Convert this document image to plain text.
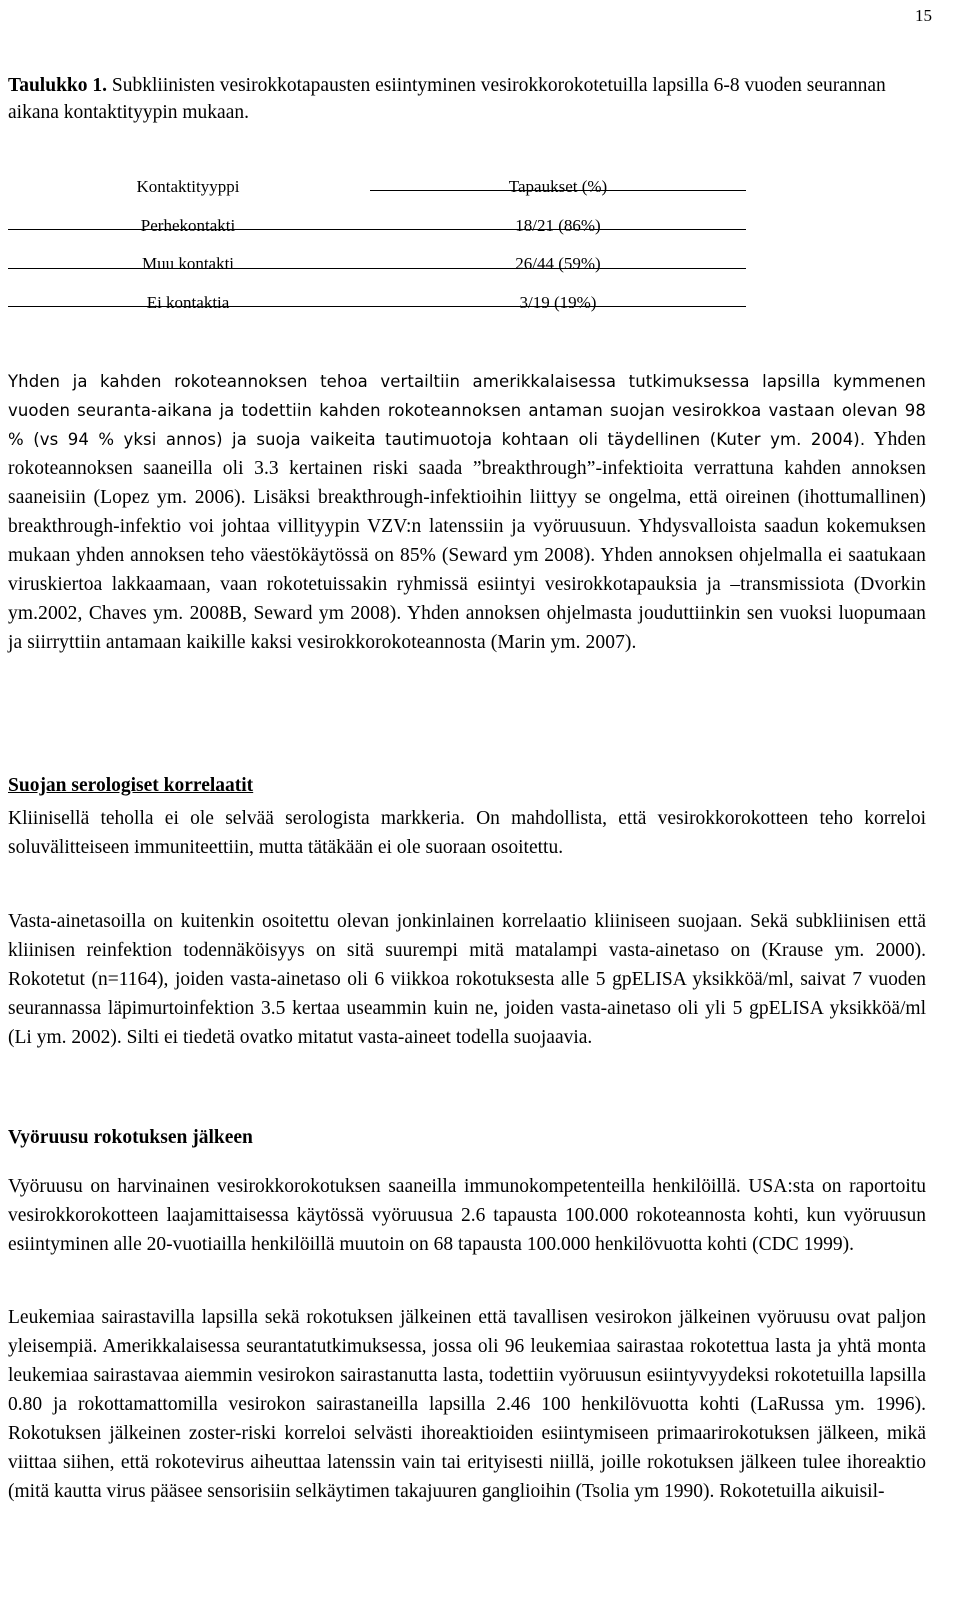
15

Taulukko 1. Subkliinisten vesirokkotapausten esiintyminen vesirokkorokotetuilla lapsilla 6-8 vuoden seurannan aikana kontaktityypin mukaan.

Kontaktityyppi	Tapaukset (%)
Perhekontakti	18/21 (86%)
Muu kontakti	26/44 (59%)
Ei kontaktia	3/19 (19%)

Yhden ja kahden rokoteannoksen tehoa vertailtiin amerikkalaisessa tutkimuksessa lapsilla kymmenen vuoden seuranta-aikana ja todettiin kahden rokoteannoksen antaman suojan vesirokkoa vastaan olevan 98 % (vs 94 % yksi annos) ja suoja vaikeita tautimuotoja kohtaan oli täydellinen (Kuter ym. 2004). Yhden rokoteannoksen saaneilla oli 3.3 kertainen riski saada ”breakthrough”-infektioita verrattuna kahden annoksen saaneisiin (Lopez ym. 2006). Lisäksi breakthrough-infektioihin liittyy se ongelma, että oireinen (ihottumallinen) breakthrough-infektio voi johtaa villityypin VZV:n latenssiin ja vyöruusuun. Yhdysvalloista saadun kokemuksen mukaan yhden annoksen teho väestökäytössä on 85% (Seward ym 2008). Yhden annoksen ohjelmalla ei saatukaan viruskiertoa lakkaamaan, vaan rokotetuissakin ryhmissä esiintyi vesirokkotapauksia ja –transmissiota (Dvorkin ym.2002, Chaves ym. 2008B, Seward ym 2008). Yhden annoksen ohjelmasta jouduttiinkin sen vuoksi luopumaan ja siirryttiin antamaan kaikille kaksi vesirokkorokoteannosta (Marin ym. 2007).

Suojan serologiset korrelaatit

Kliinisellä teholla ei ole selvää serologista markkeria. On mahdollista, että vesirokkorokotteen teho korreloi soluvälitteiseen immuniteettiin, mutta tätäkään ei ole suoraan osoitettu.

Vasta-ainetasoilla on kuitenkin osoitettu olevan jonkinlainen korrelaatio kliiniseen suojaan. Sekä subkliinisen että kliinisen reinfektion todennäköisyys on sitä suurempi mitä matalampi vasta-ainetaso on (Krause ym. 2000). Rokotetut (n=1164), joiden vasta-ainetaso oli 6 viikkoa rokotuksesta alle 5 gpELISA yksikköä/ml, saivat 7 vuoden seurannassa läpimurtoinfektion 3.5 kertaa useammin kuin ne, joiden vasta-ainetaso oli yli 5 gpELISA yksikköä/ml (Li ym. 2002). Silti ei tiedetä ovatko mitatut vasta-aineet todella suojaavia.

Vyöruusu rokotuksen jälkeen

Vyöruusu on harvinainen vesirokkorokotuksen saaneilla immunokompetenteilla henkilöillä. USA:sta on raportoitu vesirokkorokotteen laajamittaisessa käytössä vyöruusua 2.6 tapausta 100.000 rokoteannosta kohti, kun vyöruusun esiintyminen alle 20-vuotiailla henkilöillä muutoin on 68 tapausta 100.000 henkilövuotta kohti (CDC 1999).

Leukemiaa sairastavilla lapsilla sekä rokotuksen jälkeinen että tavallisen vesirokon jälkeinen vyöruusu ovat paljon yleisempiä. Amerikkalaisessa seurantatutkimuksessa, jossa oli 96 leukemiaa sairastaa rokotettua lasta ja yhtä monta leukemiaa sairastavaa aiemmin vesirokon sairastanutta lasta, todettiin vyöruusun esiintyvyydeksi rokotetuilla lapsilla 0.80 ja rokottamattomilla vesirokon sairastaneilla lapsilla 2.46 100 henkilövuotta kohti (LaRussa ym. 1996). Rokotuksen jälkeinen zoster-riski korreloi selvästi ihoreaktioiden esiintymiseen primaarirokotuksen jälkeen, mikä viittaa siihen, että rokotevirus aiheuttaa latenssin vain tai erityisesti niillä, joille rokotuksen jälkeen tulee ihoreaktio (mitä kautta virus pääsee sensorisiin selkäytimen takajuuren ganglioihin (Tsolia ym 1990). Rokotetuilla aikuisil-
